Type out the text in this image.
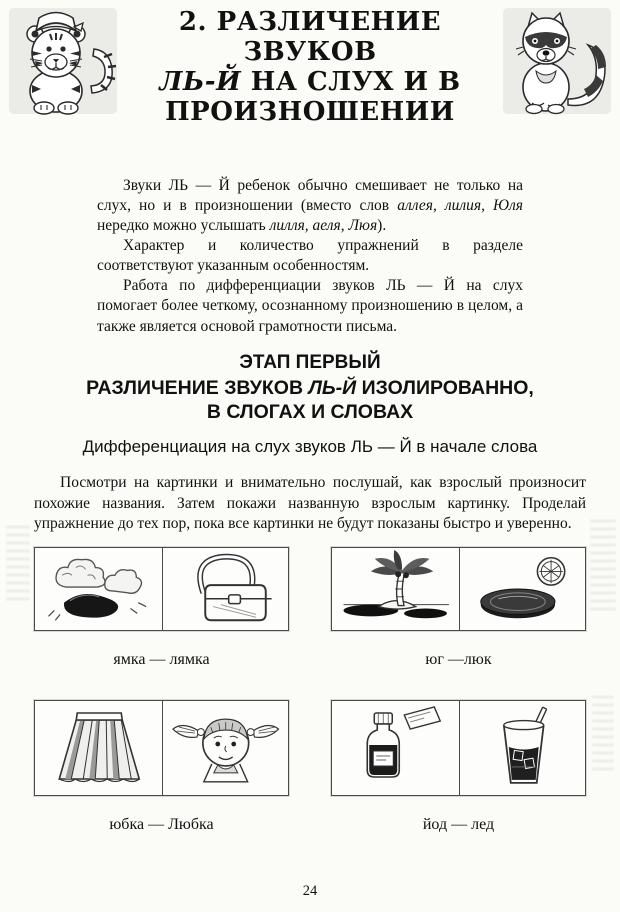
2. РАЗЛИЧЕНИЕ ЗВУКОВ
ЛЬ-Й НА СЛУХ И В
ПРОИЗНОШЕНИИ

Звуки ЛЬ — Й ребенок обычно смешивает не только на слух, но и в произношении (вместо слов аллея, лилия, Юля нередко можно услышать лилля, аеля, Люя).

Характер и количество упражнений в разделе соответствуют указанным особенностям.

Работа по дифференциации звуков ЛЬ — Й на слух помогает более четкому, осознанному произношению в целом, а также является основой грамотности письма.

ЭТАП ПЕРВЫЙ
РАЗЛИЧЕНИЕ ЗВУКОВ ЛЬ-Й ИЗОЛИРОВАННО,
В СЛОГАХ И СЛОВАХ
Дифференциация на слух звуков ЛЬ — Й в начале слова

Посмотри на картинки и внимательно послушай, как взрослый произносит похожие названия. Затем покажи названную взрослым картинку. Проделай упражнение до тех пор, пока все картинки не будут показаны быстро и уверенно.

ямка — лямка	юг —люк
юбка — Любка	йод — лед
24
